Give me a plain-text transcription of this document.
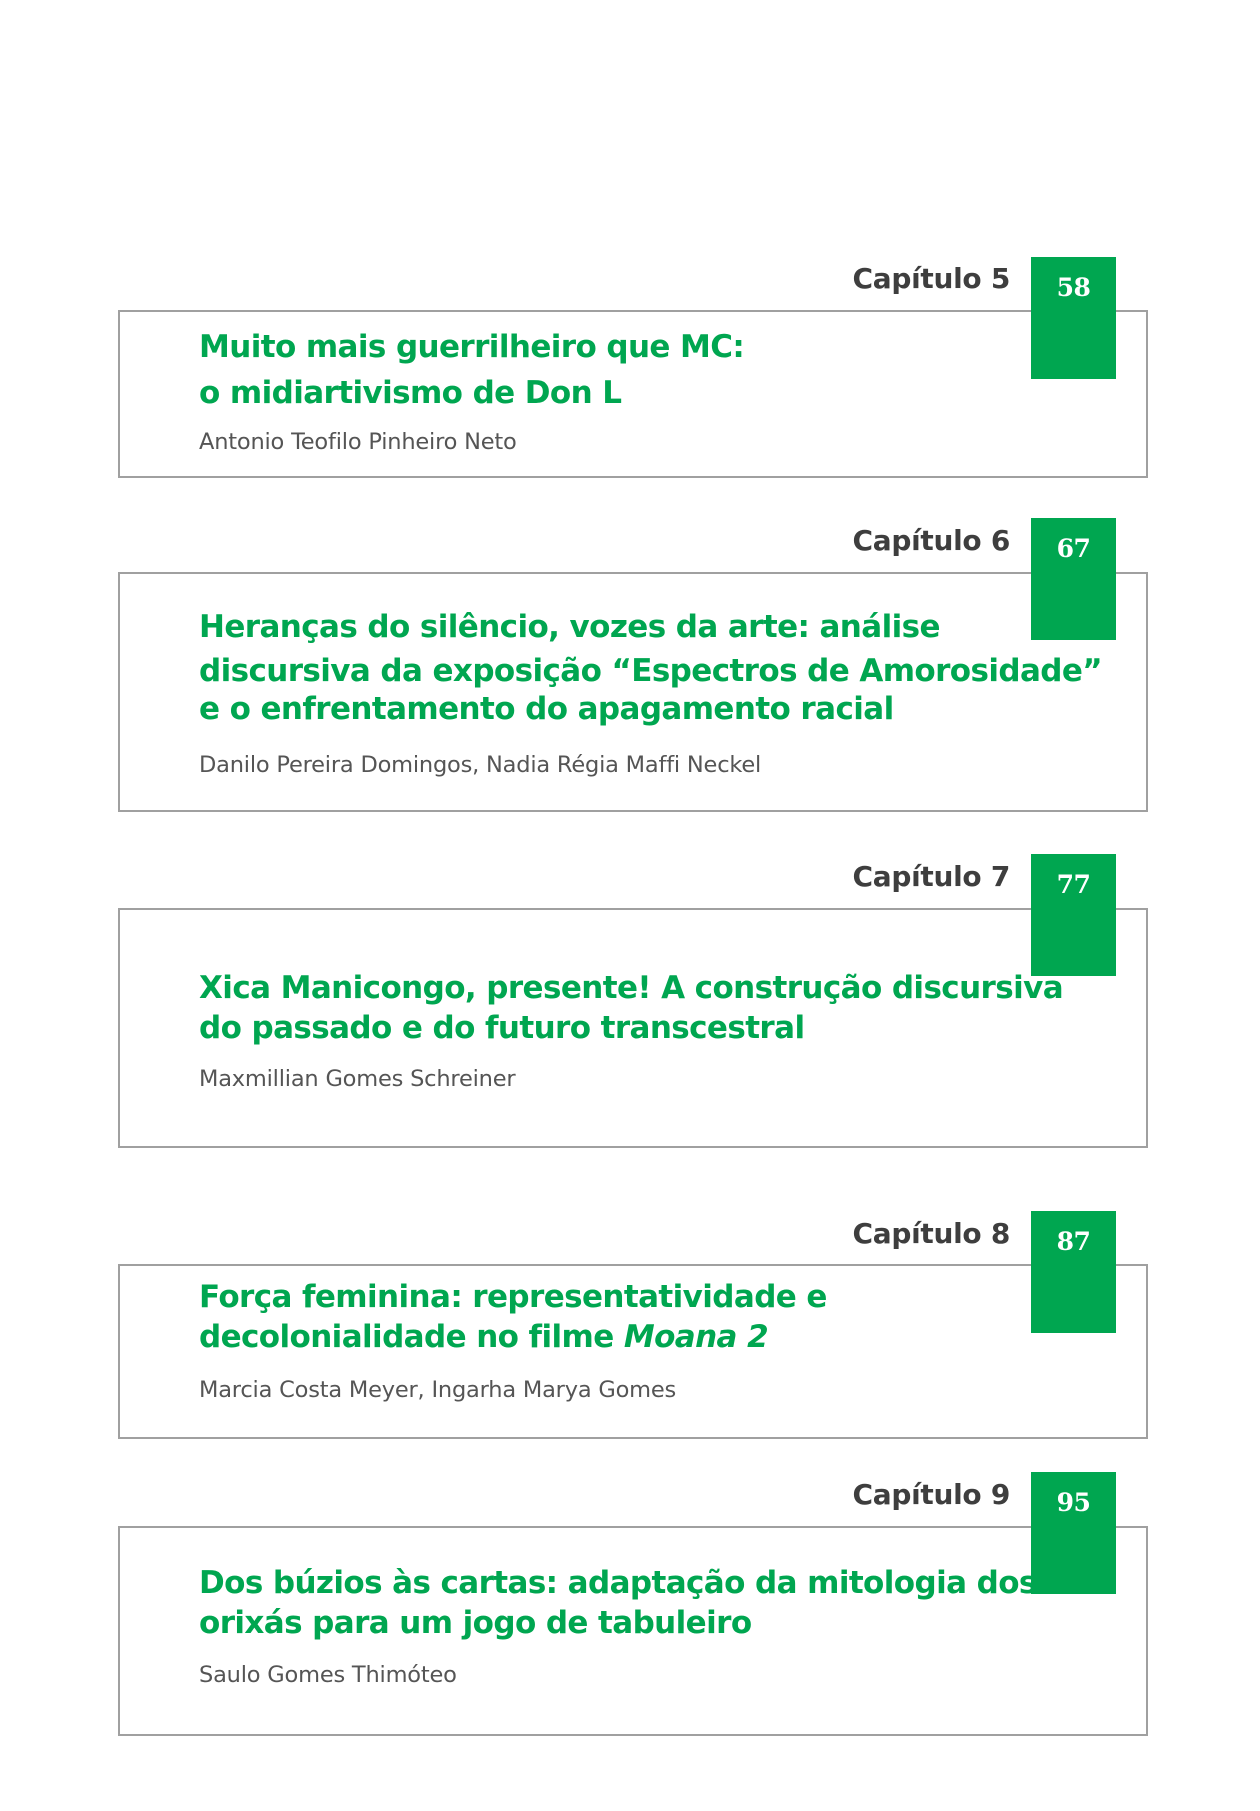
Capítulo 5	58
Muito mais guerrilheiro que MC:
o midiartivismo de Don L
Antonio Teofilo Pinheiro Neto
Capítulo 6	67
Heranças do silêncio, vozes da arte: análise
discursiva da exposição “Espectros de Amorosidade”
e o enfrentamento do apagamento racial
Danilo Pereira Domingos, Nadia Régia Maffi Neckel
Capítulo 7	77
Xica Manicongo, presente! A construção discursiva
do passado e do futuro transcestral
Maxmillian Gomes Schreiner
Capítulo 8	87
Força feminina: representatividade e
decolonialidade no filme Moana 2
Marcia Costa Meyer, Ingarha Marya Gomes
Capítulo 9	95
Dos búzios às cartas: adaptação da mitologia dos
orixás para um jogo de tabuleiro
Saulo Gomes Thimóteo
